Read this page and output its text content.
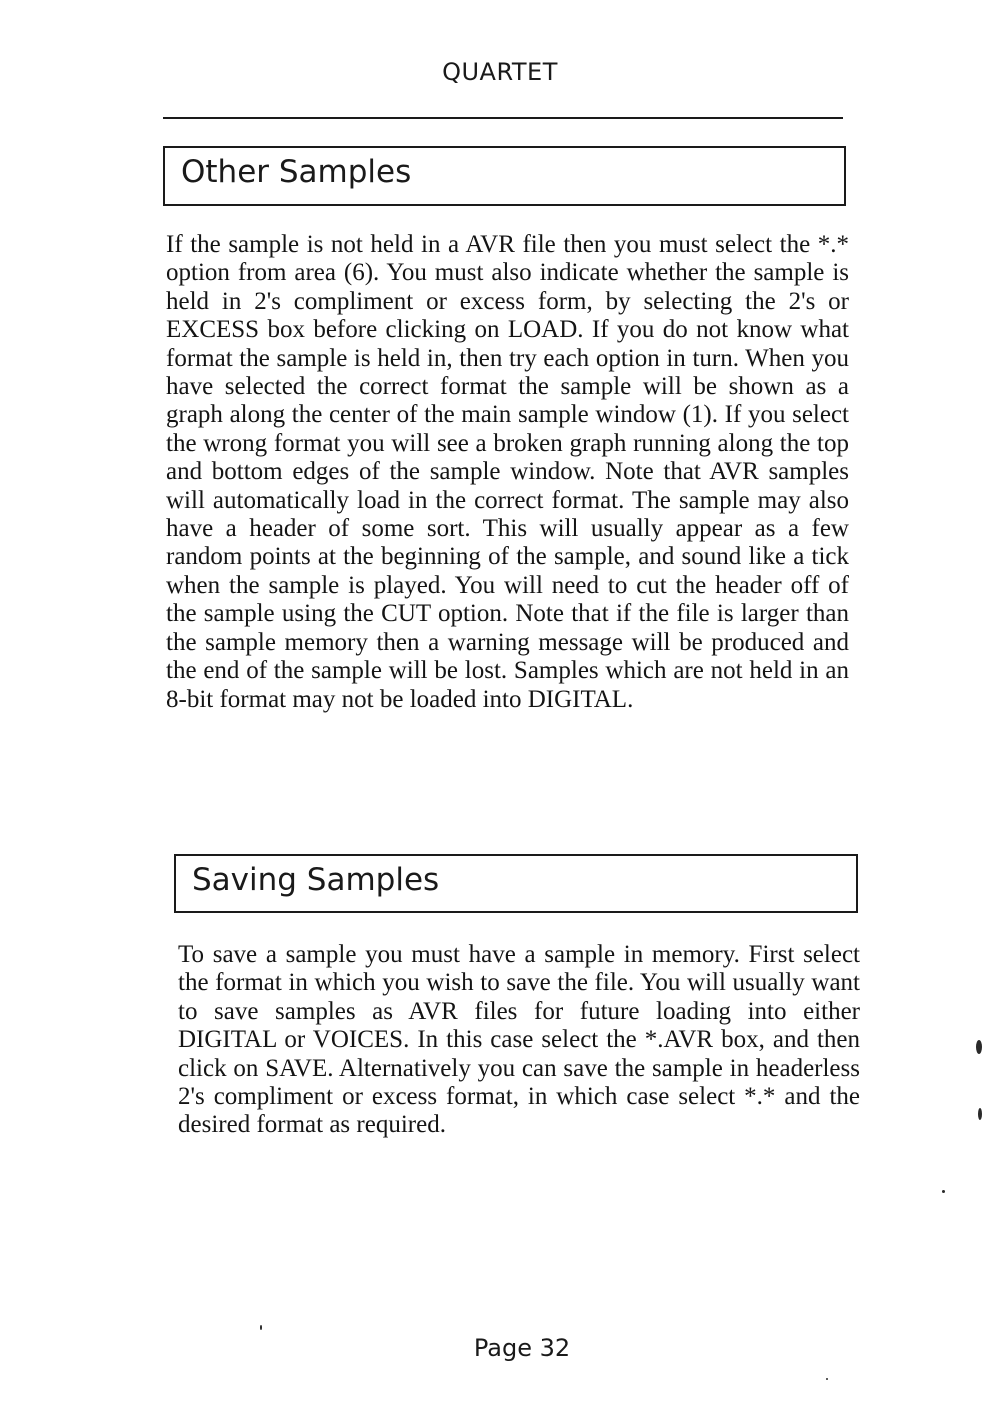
QUARTET
Other Samples

If the sample is not held in a AVR file then you must select the *.* option from area (6). You must also indicate whether the sample is held in 2's compliment or excess form, by selecting the 2's or EXCESS box before clicking on LOAD. If you do not know what format the sample is held in, then try each option in turn. When you have selected the correct format the sample will be shown as a graph along the center of the main sample window (1). If you select the wrong format you will see a broken graph running along the top and bottom edges of the sample window. Note that AVR samples will automatically load in the correct format. The sample may also have a header of some sort. This will usually appear as a few random points at the beginning of the sample, and sound like a tick when the sample is played. You will need to cut the header off of the sample using the CUT option. Note that if the file is larger than the sample memory then a warning message will be produced and the end of the sample will be lost. Samples which are not held in an 8-bit format may not be loaded into DIGITAL.

Saving Samples

To save a sample you must have a sample in memory. First select the format in which you wish to save the file. You will usually want to save samples as AVR files for future loading into either DIGITAL or VOICES. In this case select the *.AVR box, and then click on SAVE. Alternatively you can save the sample in headerless 2's compliment or excess format, in which case select *.* and the desired format as required.

Page 32
